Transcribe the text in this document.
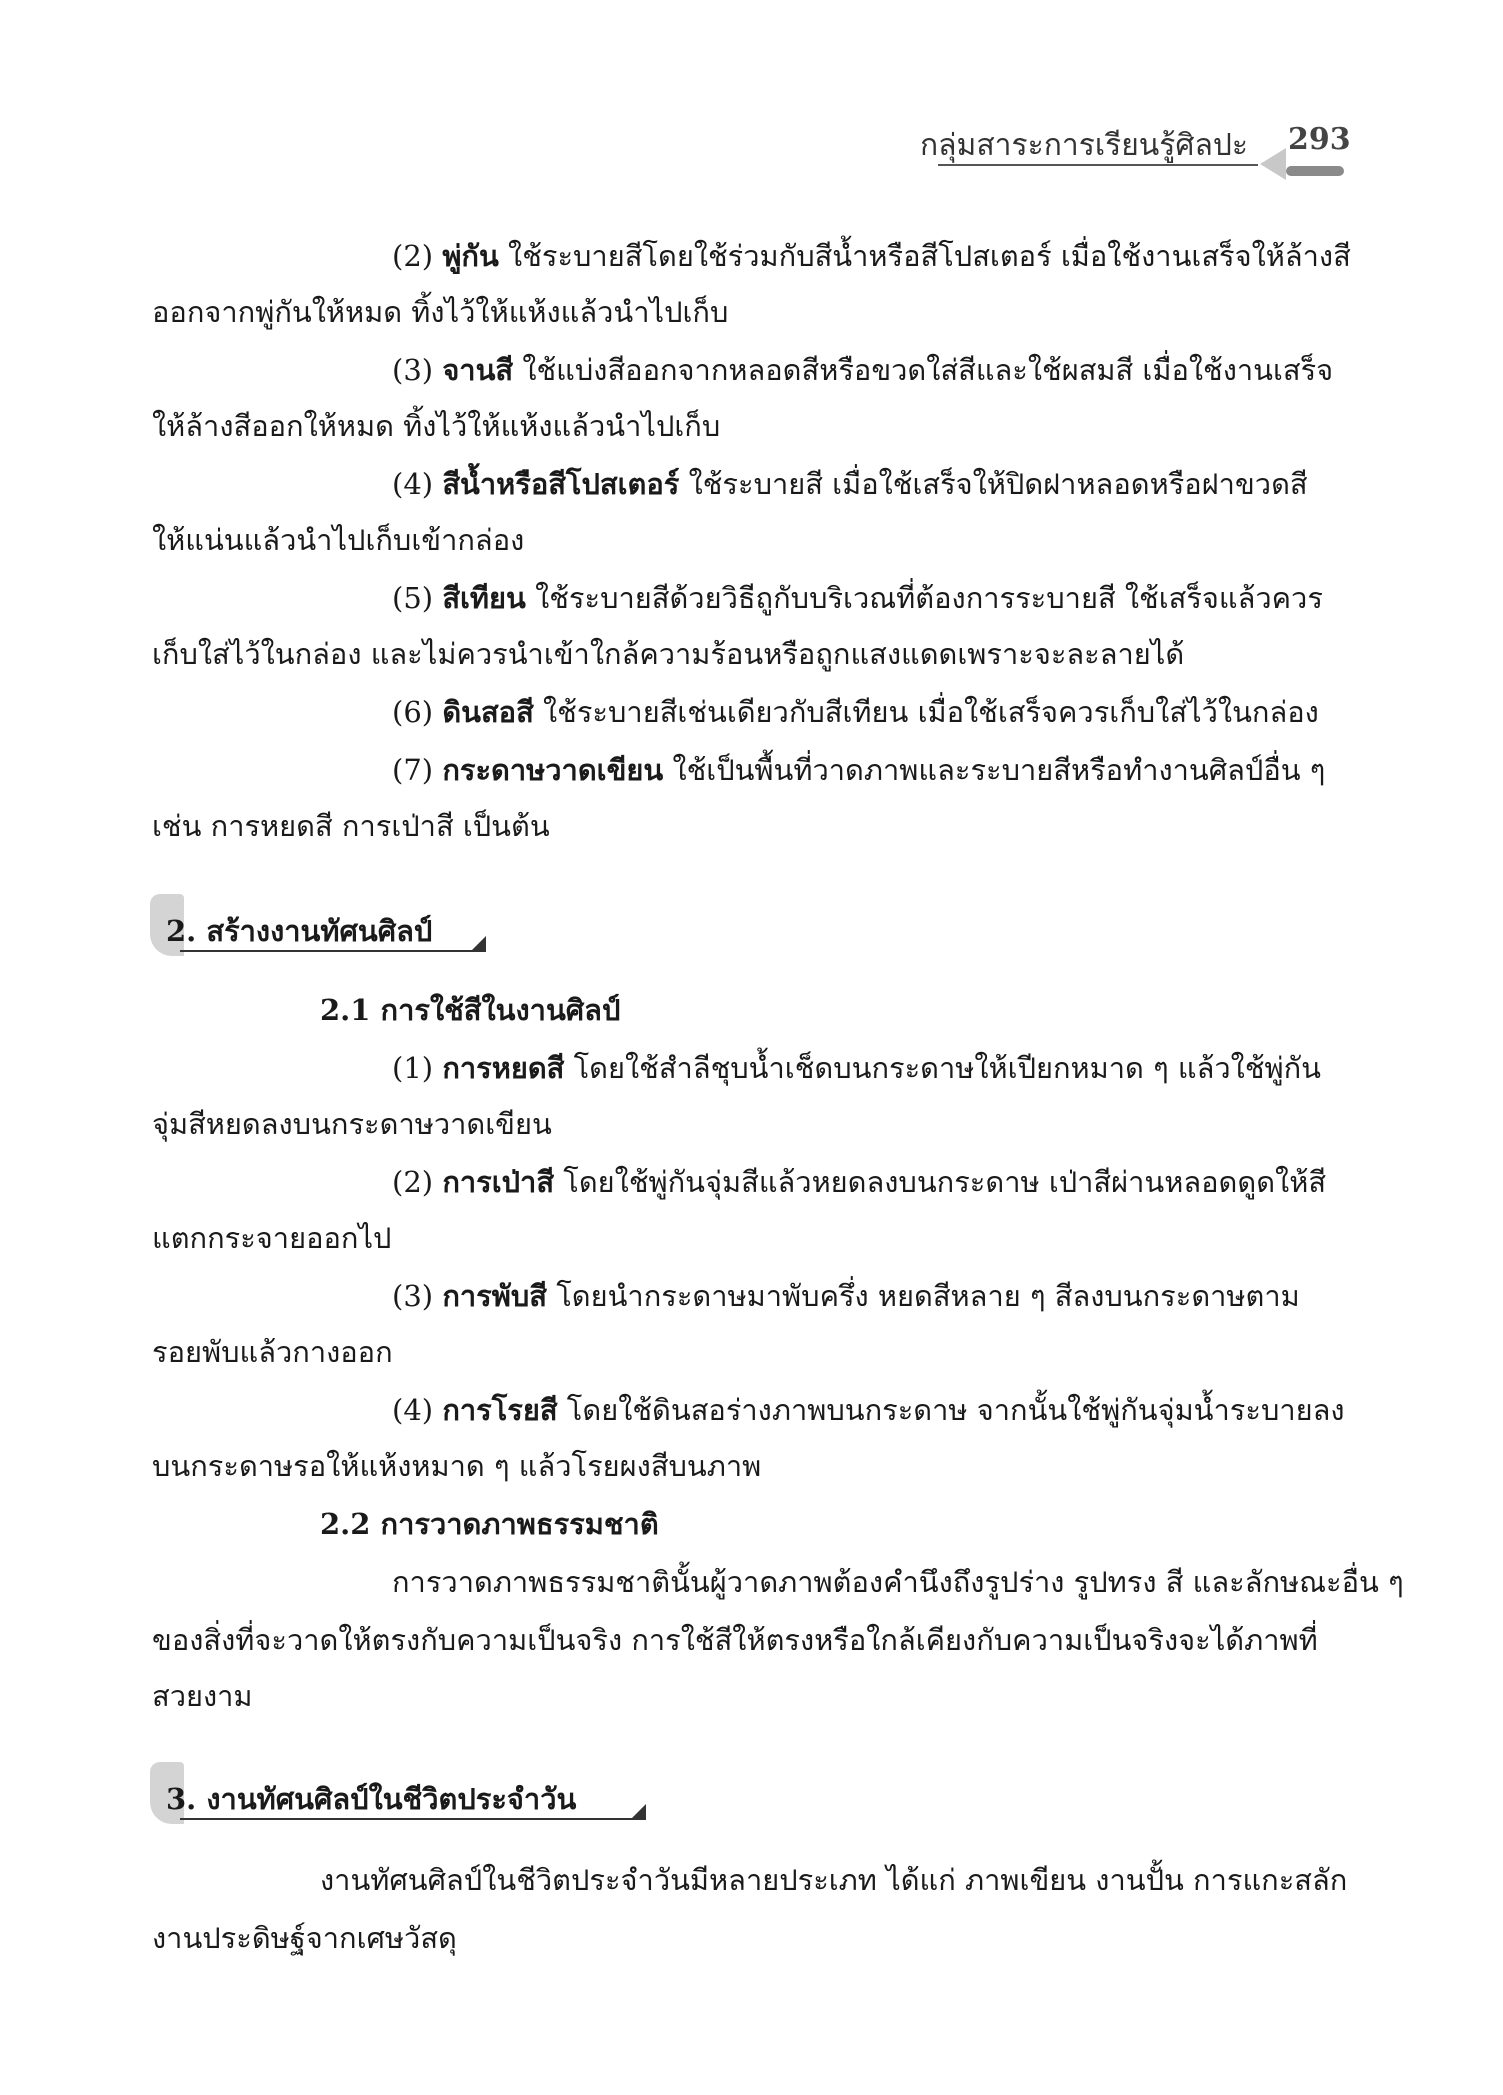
กลุ่มสาระการเรียนรู้ศิลปะ 293
(2) พู่กัน ใช้ระบายสีโดยใช้ร่วมกับสีน้ำหรือสีโปสเตอร์ เมื่อใช้งานเสร็จให้ล้างสี
ออกจากพู่กันให้หมด ทิ้งไว้ให้แห้งแล้วนำไปเก็บ
(3) จานสี ใช้แบ่งสีออกจากหลอดสีหรือขวดใส่สีและใช้ผสมสี เมื่อใช้งานเสร็จ
ให้ล้างสีออกให้หมด ทิ้งไว้ให้แห้งแล้วนำไปเก็บ
(4) สีน้ำหรือสีโปสเตอร์ ใช้ระบายสี เมื่อใช้เสร็จให้ปิดฝาหลอดหรือฝาขวดสี
ให้แน่นแล้วนำไปเก็บเข้ากล่อง
(5) สีเทียน ใช้ระบายสีด้วยวิธีถูกับบริเวณที่ต้องการระบายสี ใช้เสร็จแล้วควร
เก็บใส่ไว้ในกล่อง และไม่ควรนำเข้าใกล้ความร้อนหรือถูกแสงแดดเพราะจะละลายได้
(6) ดินสอสี ใช้ระบายสีเช่นเดียวกับสีเทียน เมื่อใช้เสร็จควรเก็บใส่ไว้ในกล่อง
(7) กระดาษวาดเขียน ใช้เป็นพื้นที่วาดภาพและระบายสีหรือทำงานศิลป์อื่น ๆ
เช่น การหยดสี การเป่าสี เป็นต้น
2. สร้างงานทัศนศิลป์
2.1 การใช้สีในงานศิลป์
(1) การหยดสี โดยใช้สำลีชุบน้ำเช็ดบนกระดาษให้เปียกหมาด ๆ แล้วใช้พู่กัน
จุ่มสีหยดลงบนกระดาษวาดเขียน
(2) การเป่าสี โดยใช้พู่กันจุ่มสีแล้วหยดลงบนกระดาษ เป่าสีผ่านหลอดดูดให้สี
แตกกระจายออกไป
(3) การพับสี โดยนำกระดาษมาพับครึ่ง หยดสีหลาย ๆ สีลงบนกระดาษตาม
รอยพับแล้วกางออก
(4) การโรยสี โดยใช้ดินสอร่างภาพบนกระดาษ จากนั้นใช้พู่กันจุ่มน้ำระบายลง
บนกระดาษรอให้แห้งหมาด ๆ แล้วโรยผงสีบนภาพ
2.2 การวาดภาพธรรมชาติ
การวาดภาพธรรมชาตินั้นผู้วาดภาพต้องคำนึงถึงรูปร่าง รูปทรง สี และลักษณะอื่น ๆ
ของสิ่งที่จะวาดให้ตรงกับความเป็นจริง การใช้สีให้ตรงหรือใกล้เคียงกับความเป็นจริงจะได้ภาพที่
สวยงาม
3. งานทัศนศิลป์ในชีวิตประจำวัน
งานทัศนศิลป์ในชีวิตประจำวันมีหลายประเภท ได้แก่ ภาพเขียน งานปั้น การแกะสลัก
งานประดิษฐ์จากเศษวัสดุ
